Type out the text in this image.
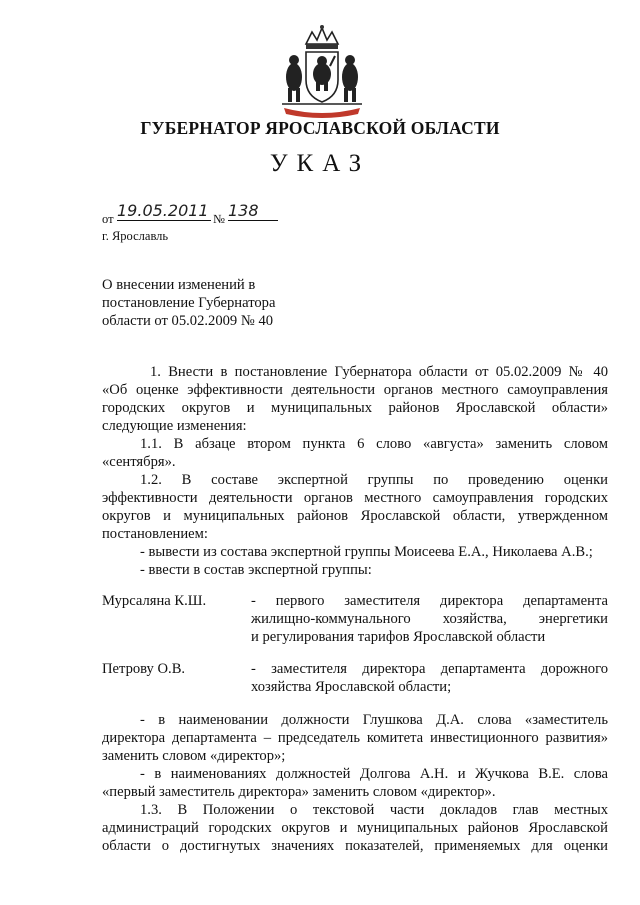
ГУБЕРНАТОР ЯРОСЛАВСКОЙ ОБЛАСТИ
УКАЗ
от 19.05.2011 № 138
г. Ярославль
О внесении изменений в
постановление Губернатора
области от 05.02.2009 № 40
1. Внести в постановление Губернатора области от 05.02.2009 № 40
«Об оценке эффективности деятельности органов местного самоуправления
городских округов и муниципальных районов Ярославской области»
следующие изменения:
1.1. В абзаце втором пункта 6 слово «августа» заменить словом
«сентября».
1.2. В составе экспертной группы по проведению оценки
эффективности деятельности органов местного самоуправления городских
округов и муниципальных районов Ярославской области, утвержденном
постановлением:
- вывести из состава экспертной группы Моисеева Е.А., Николаева А.В.;
- ввести в состав экспертной группы:
Мурсаляна К.Ш.	- первого заместителя директора департамента
жилищно-коммунального хозяйства, энергетики
и регулирования тарифов Ярославской области
Петрову О.В.	- заместителя директора департамента дорожного
хозяйства Ярославской области;
- в наименовании должности Глушкова Д.А. слова «заместитель
директора департамента – председатель комитета инвестиционного развития»
заменить словом «директор»;
- в наименованиях должностей Долгова А.Н. и Жучкова В.Е. слова
«первый заместитель директора» заменить словом «директор».
1.3. В Положении о текстовой части докладов глав местных
администраций городских округов и муниципальных районов Ярославской
области о достигнутых значениях показателей, применяемых для оценки
